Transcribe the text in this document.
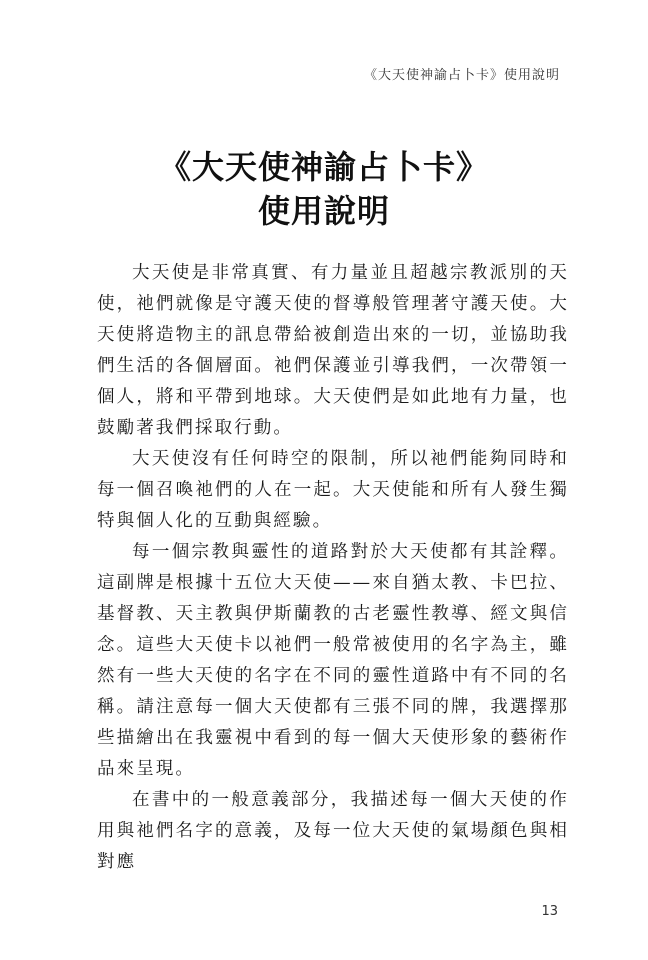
《大天使神諭占卜卡》使用說明
《大天使神諭占卜卡》
使用說明

大天使是非常真實、有力量並且超越宗教派別的天使，祂們就像是守護天使的督導般管理著守護天使。大天使將造物主的訊息帶給被創造出來的一切，並協助我們生活的各個層面。祂們保護並引導我們，一次帶領一個人，將和平帶到地球。大天使們是如此地有力量，也鼓勵著我們採取行動。

大天使沒有任何時空的限制，所以祂們能夠同時和每一個召喚祂們的人在一起。大天使能和所有人發生獨特與個人化的互動與經驗。

每一個宗教與靈性的道路對於大天使都有其詮釋。這副牌是根據十五位大天使——來自猶太教、卡巴拉、基督教、天主教與伊斯蘭教的古老靈性教導、經文與信念。這些大天使卡以祂們一般常被使用的名字為主，雖然有一些大天使的名字在不同的靈性道路中有不同的名稱。請注意每一個大天使都有三張不同的牌，我選擇那些描繪出在我靈視中看到的每一個大天使形象的藝術作品來呈現。

在書中的一般意義部分，我描述每一個大天使的作用與祂們名字的意義，及每一位大天使的氣場顏色與相對應

13
